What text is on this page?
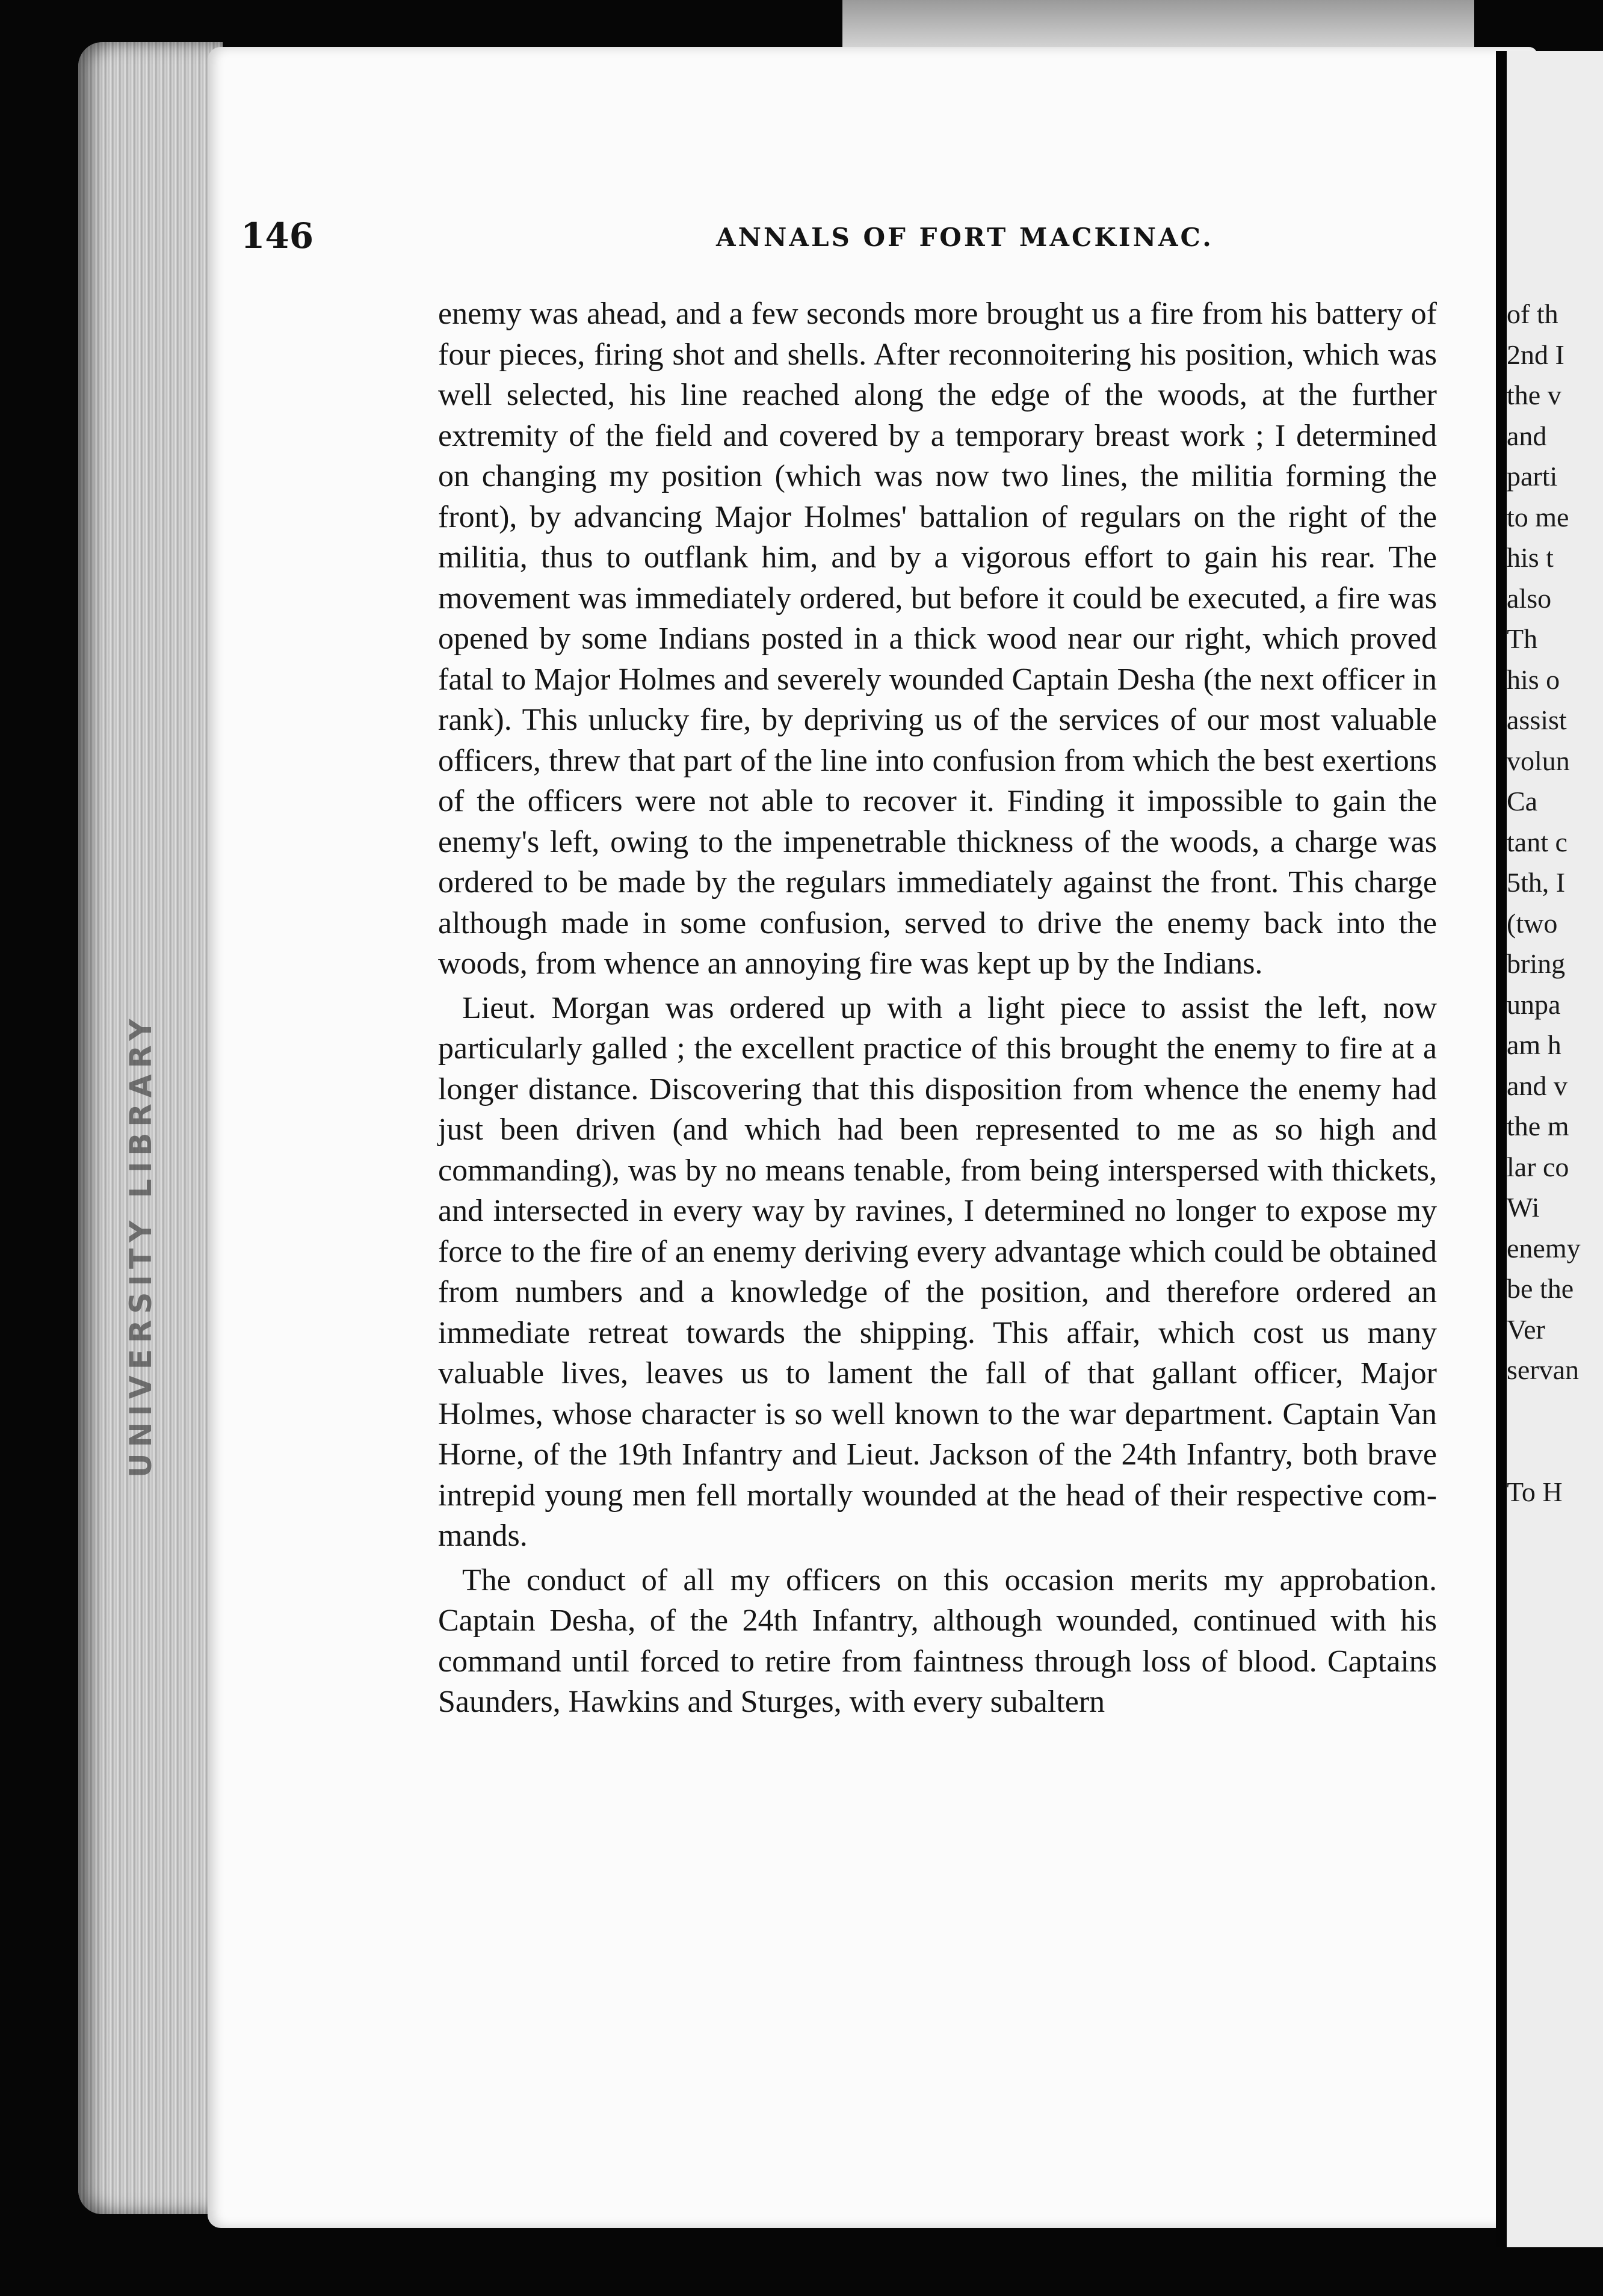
UNIVERSITY LIBRARY
146	ANNALS OF FORT MACKINAC.

enemy was ahead, and a few seconds more brought us a fire from his battery of four pieces, firing shot and shells. After reconnoitering his position, which was well selected, his line reached along the edge of the woods, at the further extremity of the field and covered by a temporary breast work ; I determined on changing my position (which was now two lines, the militia forming the front), by advancing Major Holmes' battalion of regulars on the right of the militia, thus to outflank him, and by a vigorous effort to gain his rear. The movement was immediately ordered, but before it could be executed, a fire was opened by some Indians posted in a thick wood near our right, which proved fatal to Major Holmes and severely wounded Captain Desha (the next officer in rank). This unlucky fire, by depriving us of the services of our most valuable officers, threw that part of the line into confusion from which the best exertions of the officers were not able to recover it. Finding it impossible to gain the enemy's left, owing to the impenetrable thickness of the woods, a charge was ordered to be made by the regulars immediately against the front. This charge although made in some confusion, served to drive the enemy back into the woods, from whence an annoying fire was kept up by the Indians.

Lieut. Morgan was ordered up with a light piece to assist the left, now particularly galled ; the excellent practice of this brought the enemy to fire at a longer distance. Discovering that this disposition from whence the enemy had just been driven (and which had been represented to me as so high and commanding), was by no means tenable, from being interspersed with thickets, and intersected in every way by ravines, I determined no longer to expose my force to the fire of an enemy deriving every advantage which could be obtained from numbers and a knowledge of the position, and therefore ordered an immediate retreat towards the shipping. This affair, which cost us many valuable lives, leaves us to lament the fall of that gallant officer, Major Holmes, whose character is so well known to the war department. Captain Van Horne, of the 19th Infantry and Lieut. Jackson of the 24th Infantry, both brave intrepid young men fell mortally wounded at the head of their respective commands.

The conduct of all my officers on this occasion merits my approbation. Captain Desha, of the 24th Infantry, although wounded, continued with his command until forced to retire from faintness through loss of blood. Captains Saunders, Hawkins and Sturges, with every subaltern

of th
2nd I
the v
and
parti
to me
his t
also
Th
his o
assist
volun
Ca
tant c
5th, I
(two
bring
unpa
am h
and v
the m
lar co
Wi
enemy
be the
Ver
servan
To H
